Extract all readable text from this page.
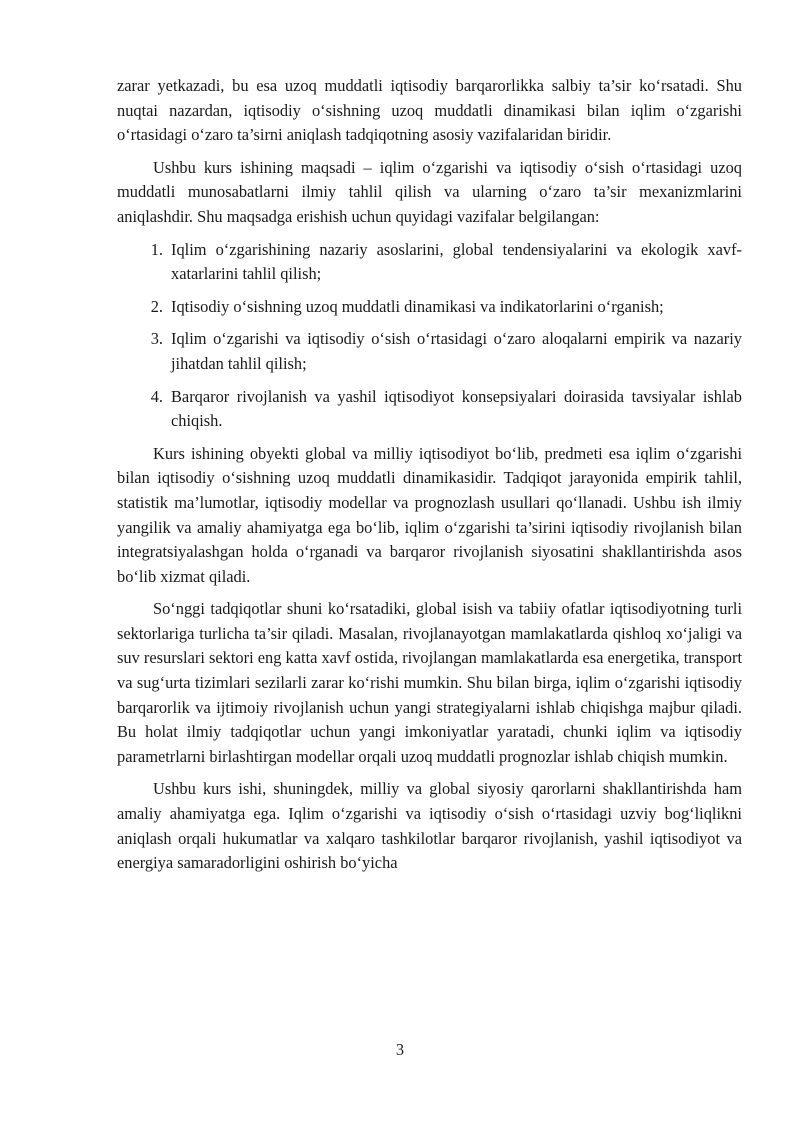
zarar yetkazadi, bu esa uzoq muddatli iqtisodiy barqarorlikka salbiy ta’sir ko‘rsatadi. Shu nuqtai nazardan, iqtisodiy o‘sishning uzoq muddatli dinamikasi bilan iqlim o‘zgarishi o‘rtasidagi o‘zaro ta’sirni aniqlash tadqiqotning asosiy vazifalaridan biridir.

Ushbu kurs ishining maqsadi – iqlim o‘zgarishi va iqtisodiy o‘sish o‘rtasidagi uzoq muddatli munosabatlarni ilmiy tahlil qilish va ularning o‘zaro ta’sir mexanizmlarini aniqlashdir. Shu maqsadga erishish uchun quyidagi vazifalar belgilangan:

1. Iqlim o‘zgarishining nazariy asoslarini, global tendensiyalarini va ekologik xavf-xatarlarini tahlil qilish;
2. Iqtisodiy o‘sishning uzoq muddatli dinamikasi va indikatorlarini o‘rganish;
3. Iqlim o‘zgarishi va iqtisodiy o‘sish o‘rtasidagi o‘zaro aloqalarni empirik va nazariy jihatdan tahlil qilish;
4. Barqaror rivojlanish va yashil iqtisodiyot konsepsiyalari doirasida tavsiyalar ishlab chiqish.

Kurs ishining obyekti global va milliy iqtisodiyot bo‘lib, predmeti esa iqlim o‘zgarishi bilan iqtisodiy o‘sishning uzoq muddatli dinamikasidir. Tadqiqot jarayonida empirik tahlil, statistik ma’lumotlar, iqtisodiy modellar va prognozlash usullari qo‘llanadi. Ushbu ish ilmiy yangilik va amaliy ahamiyatga ega bo‘lib, iqlim o‘zgarishi ta’sirini iqtisodiy rivojlanish bilan integratsiyalashgan holda o‘rganadi va barqaror rivojlanish siyosatini shakllantirishda asos bo‘lib xizmat qiladi.

So‘nggi tadqiqotlar shuni ko‘rsatadiki, global isish va tabiiy ofatlar iqtisodiyotning turli sektorlariga turlicha ta’sir qiladi. Masalan, rivojlanayotgan mamlakatlarda qishloq xo‘jaligi va suv resurslari sektori eng katta xavf ostida, rivojlangan mamlakatlarda esa energetika, transport va sug‘urta tizimlari sezilarli zarar ko‘rishi mumkin. Shu bilan birga, iqlim o‘zgarishi iqtisodiy barqarorlik va ijtimoiy rivojlanish uchun yangi strategiyalarni ishlab chiqishga majbur qiladi. Bu holat ilmiy tadqiqotlar uchun yangi imkoniyatlar yaratadi, chunki iqlim va iqtisodiy parametrlarni birlashtirgan modellar orqali uzoq muddatli prognozlar ishlab chiqish mumkin.

Ushbu kurs ishi, shuningdek, milliy va global siyosiy qarorlarni shakllantirishda ham amaliy ahamiyatga ega. Iqlim o‘zgarishi va iqtisodiy o‘sish o‘rtasidagi uzviy bog‘liqlikni aniqlash orqali hukumatlar va xalqaro tashkilotlar barqaror rivojlanish, yashil iqtisodiyot va energiya samaradorligini oshirish bo‘yicha

3
